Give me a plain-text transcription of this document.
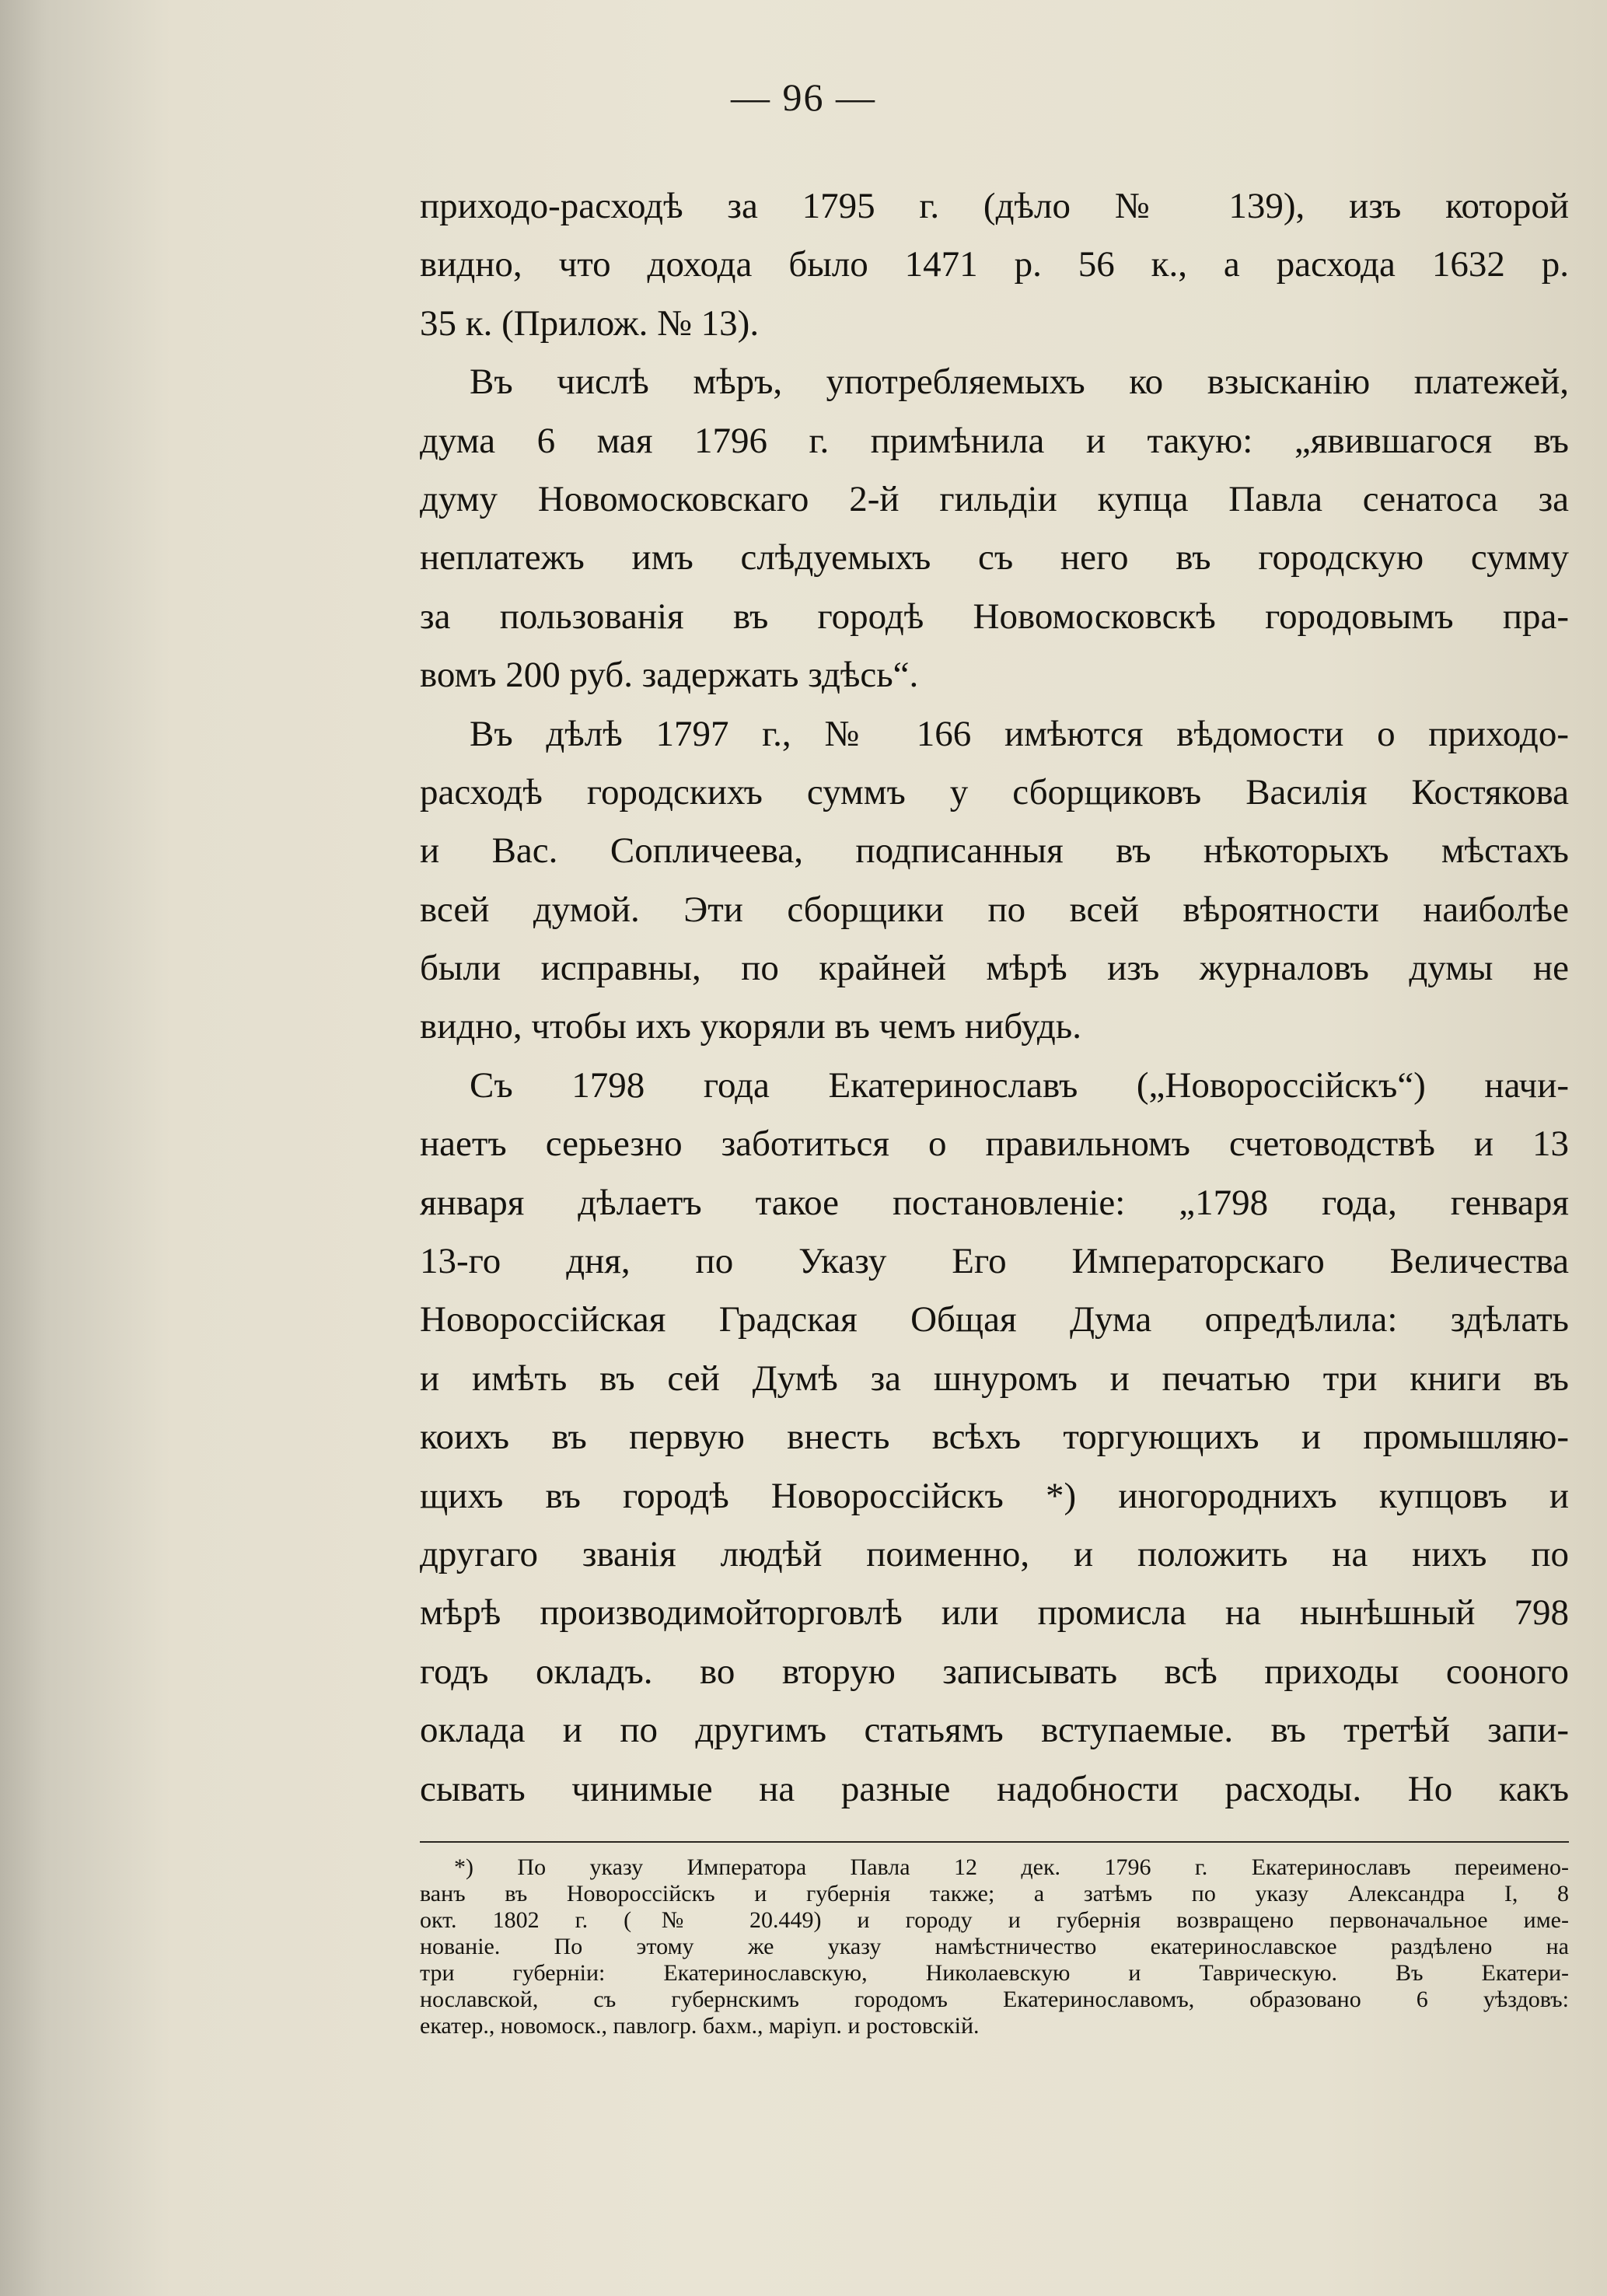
— 96 —

приходо-расходѣ за 1795 г. (дѣло № 139), изъ которой
видно, что дохода было 1471 р. 56 к., а расхода 1632 р.
35 к. (Прилож. № 13).

Въ числѣ мѣръ, употребляемыхъ ко взысканію платежей,
дума 6 мая 1796 г. примѣнила и такую: „явившагося въ
думу Новомосковскаго 2-й гильдіи купца Павла сенатоса за
неплатежъ имъ слѣдуемыхъ съ него въ городскую сумму
за пользованія въ городѣ Новомосковскѣ городовымъ пра-
вомъ 200 руб. задержать здѣсь“.

Въ дѣлѣ 1797 г., № 166 имѣются вѣдомости о приходо-
расходѣ городскихъ суммъ у сборщиковъ Василія Костякова
и Вас. Сопличеева, подписанныя въ нѣкоторыхъ мѣстахъ
всей думой. Эти сборщики по всей вѣроятности наиболѣе
были исправны, по крайней мѣрѣ изъ журналовъ думы не
видно, чтобы ихъ укоряли въ чемъ нибудь.

Съ 1798 года Екатеринославъ („Новороссійскъ“) начи-
наетъ серьезно заботиться о правильномъ счетоводствѣ и 13
января дѣлаетъ такое постановленіе: „1798 года, генваря
13-го дня, по Указу Его Императорскаго Величества
Новороссійская Градская Общая Дума опредѣлила: здѣлать
и имѣть въ сей Думѣ за шнуромъ и печатью три книги въ
коихъ въ первую внесть всѣхъ торгующихъ и промышляю-
щихъ въ городѣ Новороссійскъ *) иногороднихъ купцовъ и
другаго званія людѣй поименно, и положить на нихъ по
мѣрѣ производимойторговлѣ или промисла на нынѣшный 798
годъ окладъ. во вторую записывать всѣ приходы сооного
оклада и по другимъ статьямъ вступаемые. въ третѣй запи-
сывать чинимые на разные надобности расходы. Но какъ

*) По указу Императора Павла 12 дек. 1796 г. Екатеринославъ переимено-
ванъ въ Новороссійскъ и губернія также; а затѣмъ по указу Александра I, 8
окт. 1802 г. (№ 20.449) и городу и губернія возвращено первоначальное име-
нованіе. По этому же указу намѣстничество екатеринославское раздѣлено на
три губерніи: Екатеринославскую, Николаевскую и Таврическую. Въ Екатери-
нославской, съ губернскимъ городомъ Екатеринославомъ, образовано 6 уѣздовъ:
екатер., новомоск., павлогр. бахм., маріуп. и ростовскій.
